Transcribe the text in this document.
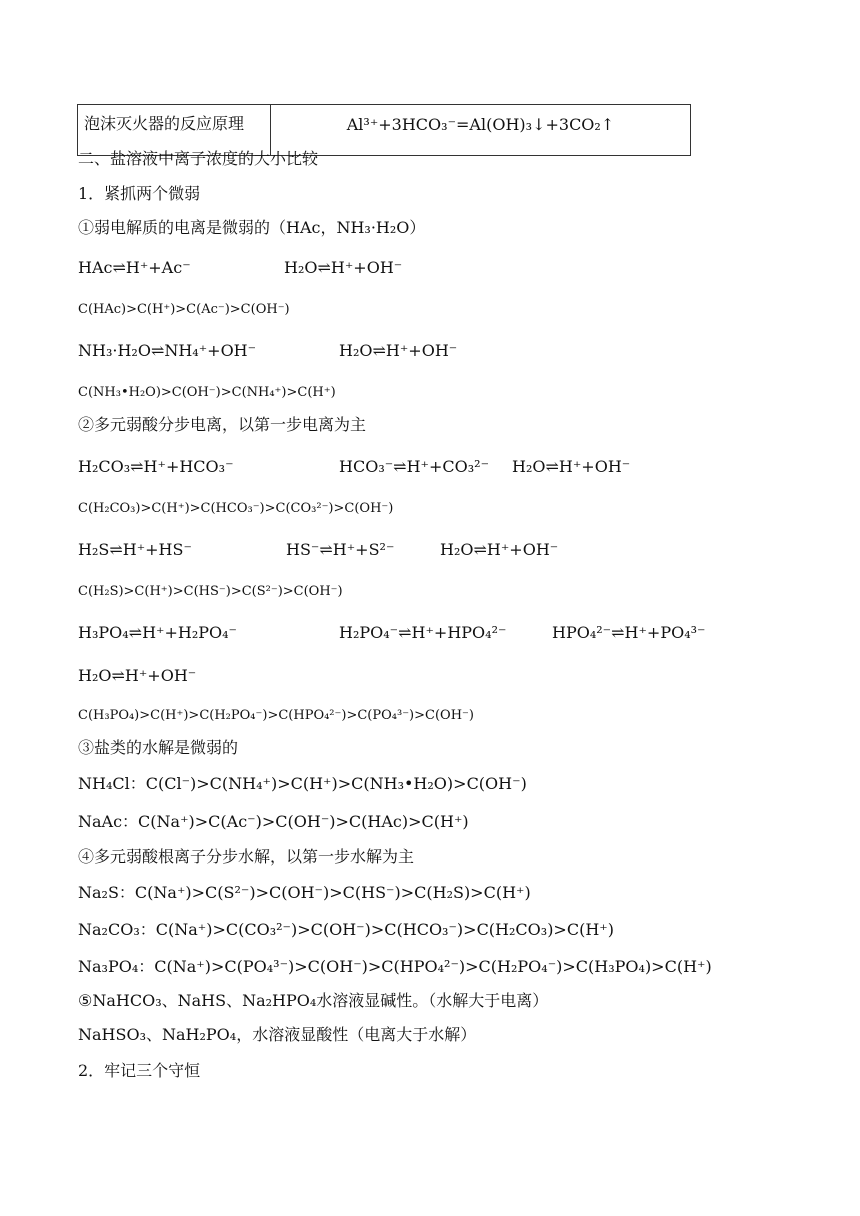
泡沫灭火器的反应原理	Al³⁺+3HCO₃⁻=Al(OH)₃↓+3CO₂↑
二、盐溶液中离子浓度的大小比较
1．紧抓两个微弱
①弱电解质的电离是微弱的（HAc，NH₃·H₂O）
HAc⇌H⁺+Ac⁻	H₂O⇌H⁺+OH⁻
C(HAc)>C(H⁺)>C(Ac⁻)>C(OH⁻)
NH₃·H₂O⇌NH₄⁺+OH⁻	H₂O⇌H⁺+OH⁻
C(NH₃•H₂O)>C(OH⁻)>C(NH₄⁺)>C(H⁺)
②多元弱酸分步电离，以第一步电离为主
H₂CO₃⇌H⁺+HCO₃⁻	HCO₃⁻⇌H⁺+CO₃²⁻ H₂O⇌H⁺+OH⁻
C(H₂CO₃)>C(H⁺)>C(HCO₃⁻)>C(CO₃²⁻)>C(OH⁻)
H₂S⇌H⁺+HS⁻	HS⁻⇌H⁺+S²⁻	H₂O⇌H⁺+OH⁻
C(H₂S)>C(H⁺)>C(HS⁻)>C(S²⁻)>C(OH⁻)
H₃PO₄⇌H⁺+H₂PO₄⁻	H₂PO₄⁻⇌H⁺+HPO₄²⁻	HPO₄²⁻⇌H⁺+PO₄³⁻
H₂O⇌H⁺+OH⁻
C(H₃PO₄)>C(H⁺)>C(H₂PO₄⁻)>C(HPO₄²⁻)>C(PO₄³⁻)>C(OH⁻)
③盐类的水解是微弱的
NH₄Cl：C(Cl⁻)>C(NH₄⁺)>C(H⁺)>C(NH₃•H₂O)>C(OH⁻)
NaAc：C(Na⁺)>C(Ac⁻)>C(OH⁻)>C(HAc)>C(H⁺)
④多元弱酸根离子分步水解，以第一步水解为主
Na₂S：C(Na⁺)>C(S²⁻)>C(OH⁻)>C(HS⁻)>C(H₂S)>C(H⁺)
Na₂CO₃：C(Na⁺)>C(CO₃²⁻)>C(OH⁻)>C(HCO₃⁻)>C(H₂CO₃)>C(H⁺)
Na₃PO₄：C(Na⁺)>C(PO₄³⁻)>C(OH⁻)>C(HPO₄²⁻)>C(H₂PO₄⁻)>C(H₃PO₄)>C(H⁺)
⑤NaHCO₃、NaHS、Na₂HPO₄水溶液显碱性。（水解大于电离）
NaHSO₃、NaH₂PO₄，水溶液显酸性（电离大于水解）
2．牢记三个守恒
